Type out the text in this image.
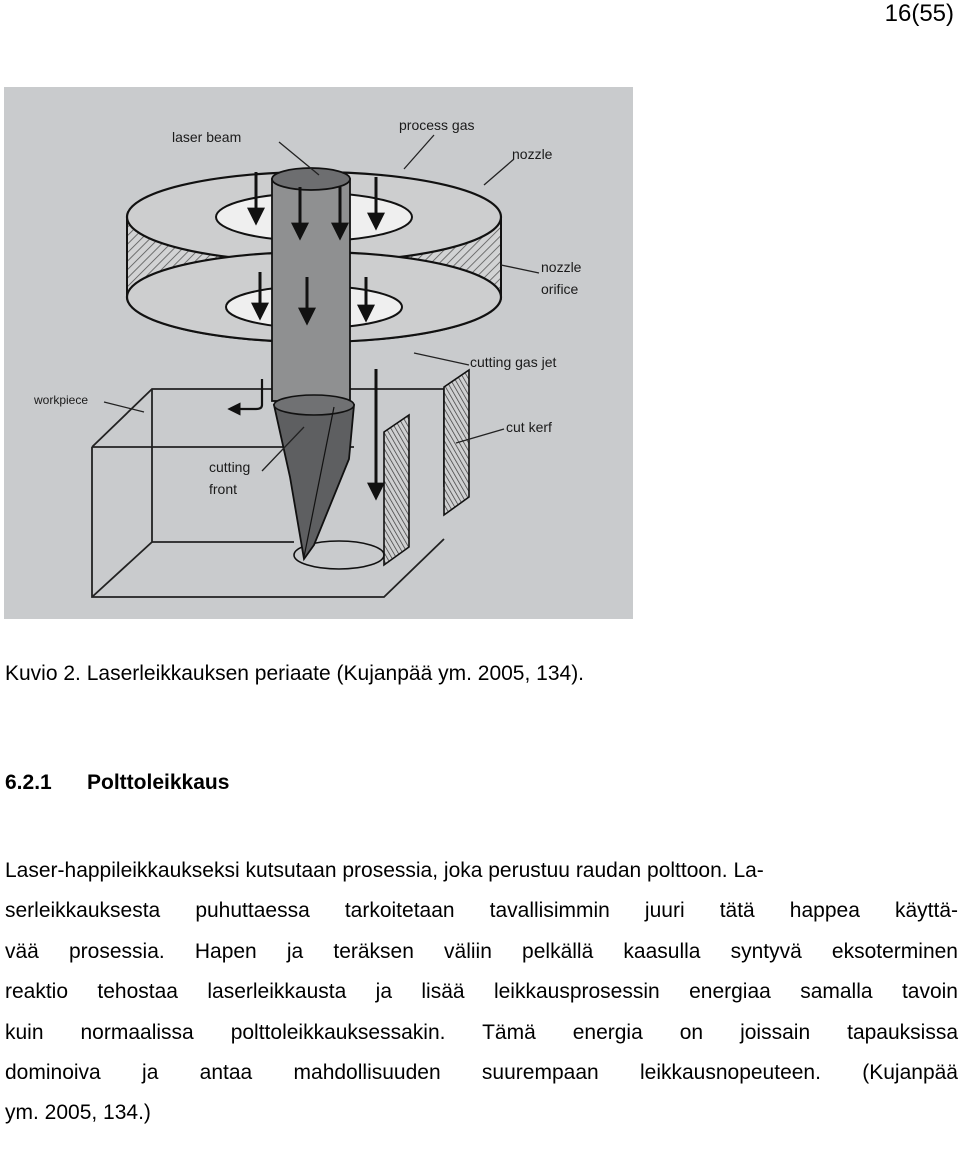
16(55)
laser beam
process gas
nozzle
nozzle
orifice
cutting gas jet
workpiece
cut kerf
cutting
front
Kuvio 2. Laserleikkauksen periaate (Kujanpää ym. 2005, 134).
6.2.1 Polttoleikkaus
Laser-happileikkaukseksi kutsutaan prosessia, joka perustuu raudan polttoon. La-
serleikkauksesta puhuttaessa tarkoitetaan tavallisimmin juuri tätä happea käyttä-
vää prosessia. Hapen ja teräksen väliin pelkällä kaasulla syntyvä eksoterminen
reaktio tehostaa laserleikkausta ja lisää leikkausprosessin energiaa samalla tavoin
kuin normaalissa polttoleikkauksessakin. Tämä energia on joissain tapauksissa
dominoiva ja antaa mahdollisuuden suurempaan leikkausnopeuteen. (Kujanpää
ym. 2005, 134.)
